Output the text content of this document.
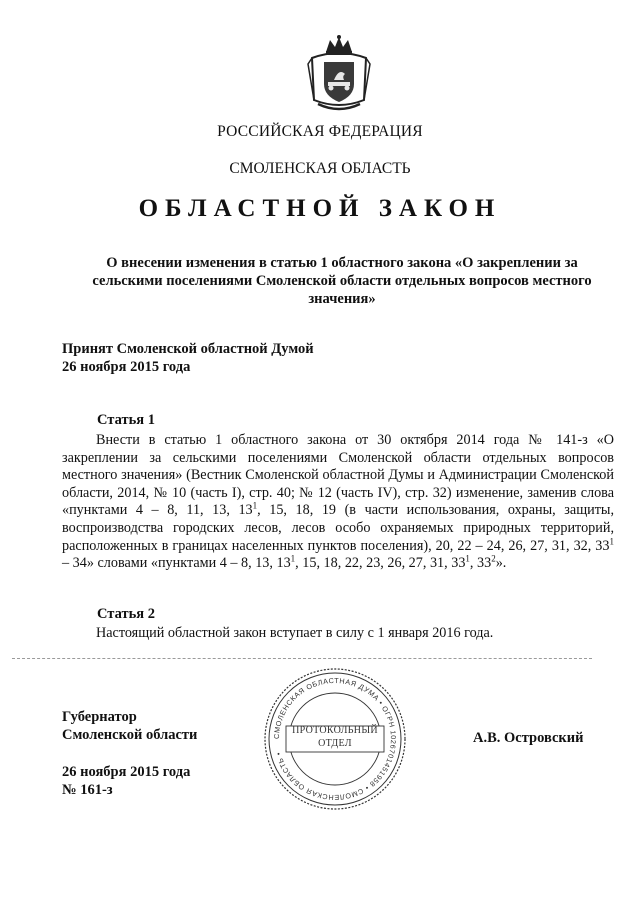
РОССИЙСКАЯ ФЕДЕРАЦИЯ
СМОЛЕНСКАЯ ОБЛАСТЬ
ОБЛАСТНОЙ ЗАКОН
О внесении изменения в статью 1 областного закона «О закреплении за
сельскими поселениями Смоленской области отдельных вопросов местного
значения»
Принят Смоленской областной Думой
26 ноября 2015 года
Статья 1
Внести в статью 1 областного закона от 30 октября 2014 года № 141-з «О закреплении за сельскими поселениями Смоленской области отдельных вопросов местного значения» (Вестник Смоленской областной Думы и Администрации Смоленской области, 2014, № 10 (часть I), стр. 40; № 12 (часть IV), стр. 32) изменение, заменив слова «пунктами 4 – 8, 11, 13, $13^1$, 15, 18, 19 (в части использования, охраны, защиты, воспроизводства городских лесов, лесов особо охраняемых природных территорий, расположенных в границах населенных пунктов поселения), 20, 22 – 24, 26, 27, 31, 32, $33^1 - 34$» словами «пунктами 4 – 8, 13, $13^1$, 15, 18, 22, 23, 26, 27, 31, $33^1$, $33^2$».
Статья 2
Настоящий областной закон вступает в силу с 1 января 2016 года.
Губернатор
Смоленской области	А.В. Островский
26 ноября 2015 года
№ 161-з
СМОЛЕНСКАЯ ОБЛАСТНАЯ ДУМА • ОГРН 1026701451958 • СМОЛЕНСКАЯ ОБЛАСТЬ •
ПРОТОКОЛЬНЫЙ
ОТДЕЛ
